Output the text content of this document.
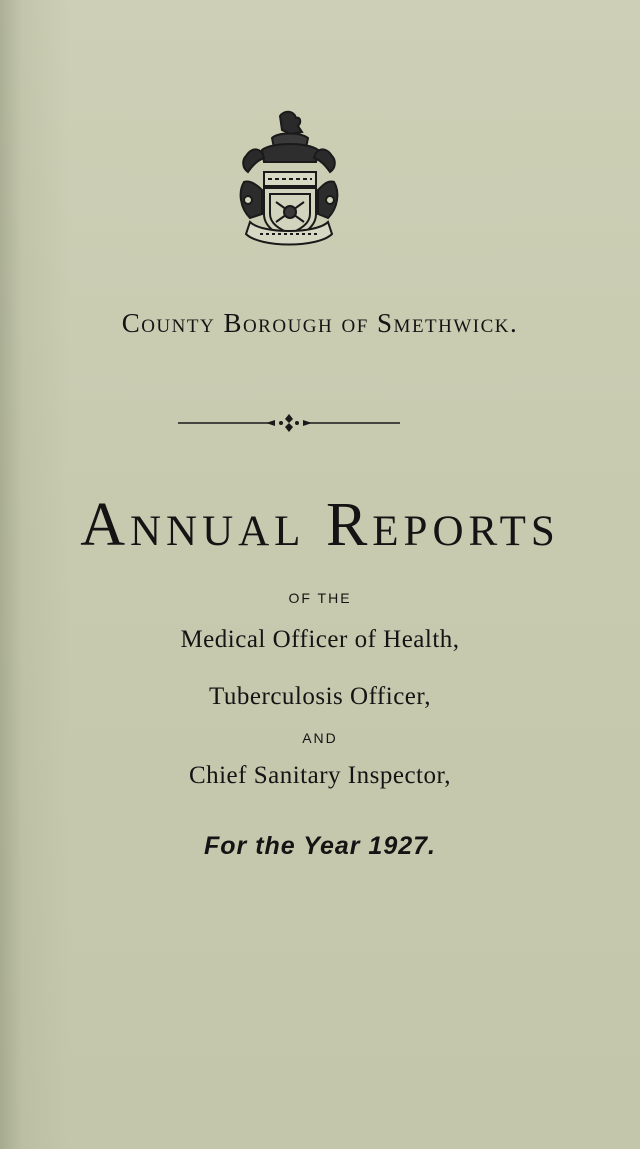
County Borough of Smethwick.
Annual Reports
OF THE
Medical Officer of Health,
Tuberculosis Officer,
AND
Chief Sanitary Inspector,
For the Year 1927.
